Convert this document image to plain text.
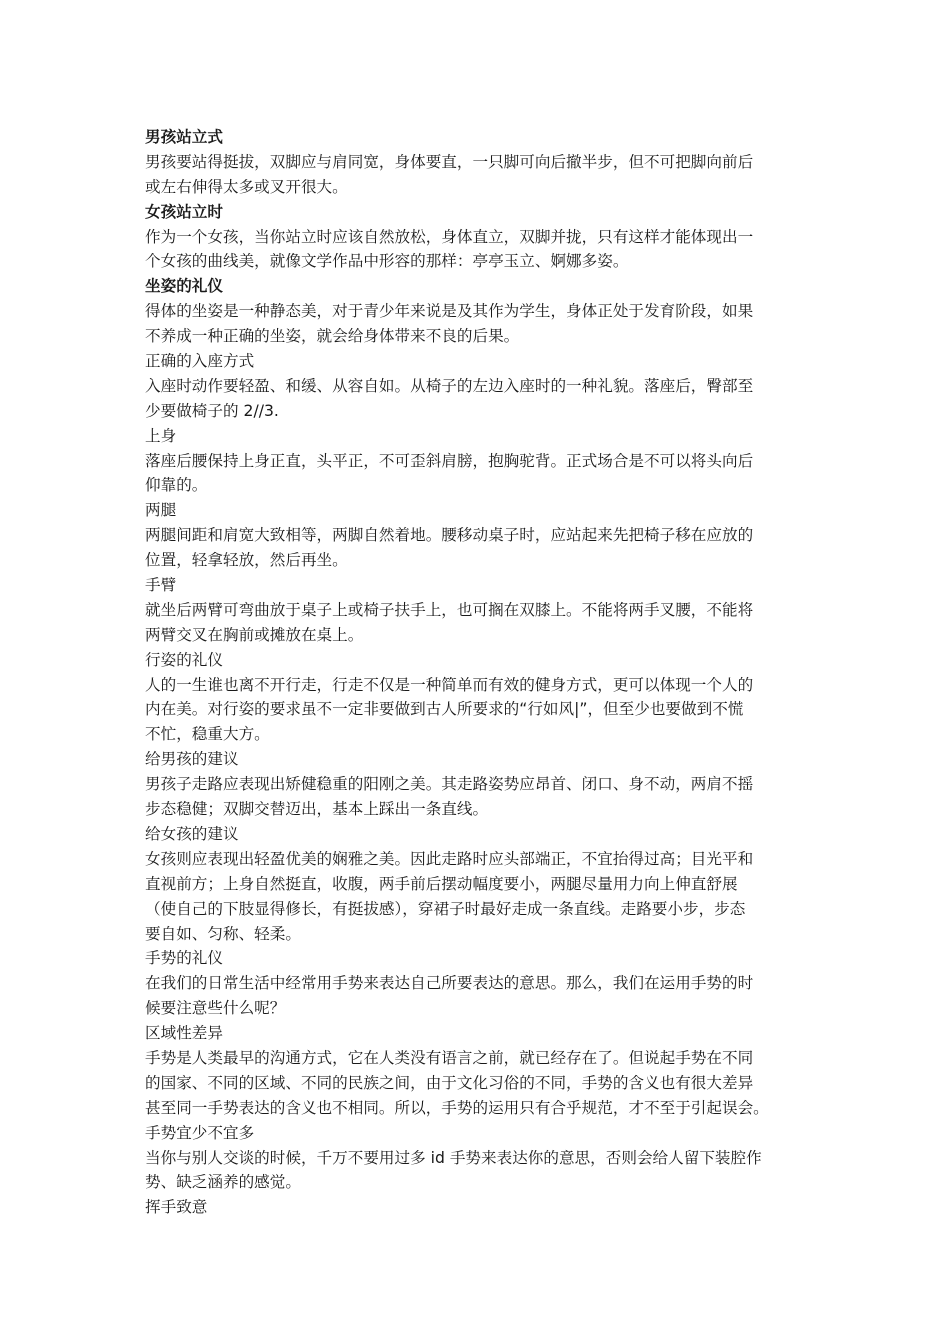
男孩站立式
男孩要站得挺拔，双脚应与肩同宽，身体要直，一只脚可向后撤半步，但不可把脚向前后
或左右伸得太多或叉开很大。
女孩站立时
作为一个女孩，当你站立时应该自然放松，身体直立，双脚并拢，只有这样才能体现出一
个女孩的曲线美，就像文学作品中形容的那样：亭亭玉立、婀娜多姿。
坐姿的礼仪
得体的坐姿是一种静态美，对于青少年来说是及其作为学生，身体正处于发育阶段，如果
不养成一种正确的坐姿，就会给身体带来不良的后果。
正确的入座方式
入座时动作要轻盈、和缓、从容自如。从椅子的左边入座时的一种礼貌。落座后，臀部至
少要做椅子的 2//3.
上身
落座后腰保持上身正直，头平正，不可歪斜肩膀，抱胸驼背。正式场合是不可以将头向后
仰靠的。
两腿
两腿间距和肩宽大致相等，两脚自然着地。腰移动桌子时，应站起来先把椅子移在应放的
位置，轻拿轻放，然后再坐。
手臂
就坐后两臂可弯曲放于桌子上或椅子扶手上，也可搁在双膝上。不能将两手叉腰，不能将
两臂交叉在胸前或摊放在桌上。
行姿的礼仪
人的一生谁也离不开行走，行走不仅是一种简单而有效的健身方式，更可以体现一个人的
内在美。对行姿的要求虽不一定非要做到古人所要求的“行如风|”，但至少也要做到不慌
不忙，稳重大方。
给男孩的建议
男孩子走路应表现出矫健稳重的阳刚之美。其走路姿势应昂首、闭口、身不动，两肩不摇
步态稳健；双脚交替迈出，基本上踩出一条直线。
给女孩的建议
女孩则应表现出轻盈优美的娴雅之美。因此走路时应头部端正，不宜抬得过高；目光平和
直视前方；上身自然挺直，收腹，两手前后摆动幅度要小，两腿尽量用力向上伸直舒展
（使自己的下肢显得修长，有挺拔感），穿裙子时最好走成一条直线。走路要小步，步态
要自如、匀称、轻柔。
手势的礼仪
在我们的日常生活中经常用手势来表达自己所要表达的意思。那么，我们在运用手势的时
候要注意些什么呢？
区域性差异
手势是人类最早的沟通方式，它在人类没有语言之前，就已经存在了。但说起手势在不同
的国家、不同的区域、不同的民族之间，由于文化习俗的不同，手势的含义也有很大差异
甚至同一手势表达的含义也不相同。所以，手势的运用只有合乎规范，才不至于引起误会。
手势宜少不宜多
当你与别人交谈的时候，千万不要用过多 id 手势来表达你的意思，否则会给人留下装腔作
势、缺乏涵养的感觉。
挥手致意
